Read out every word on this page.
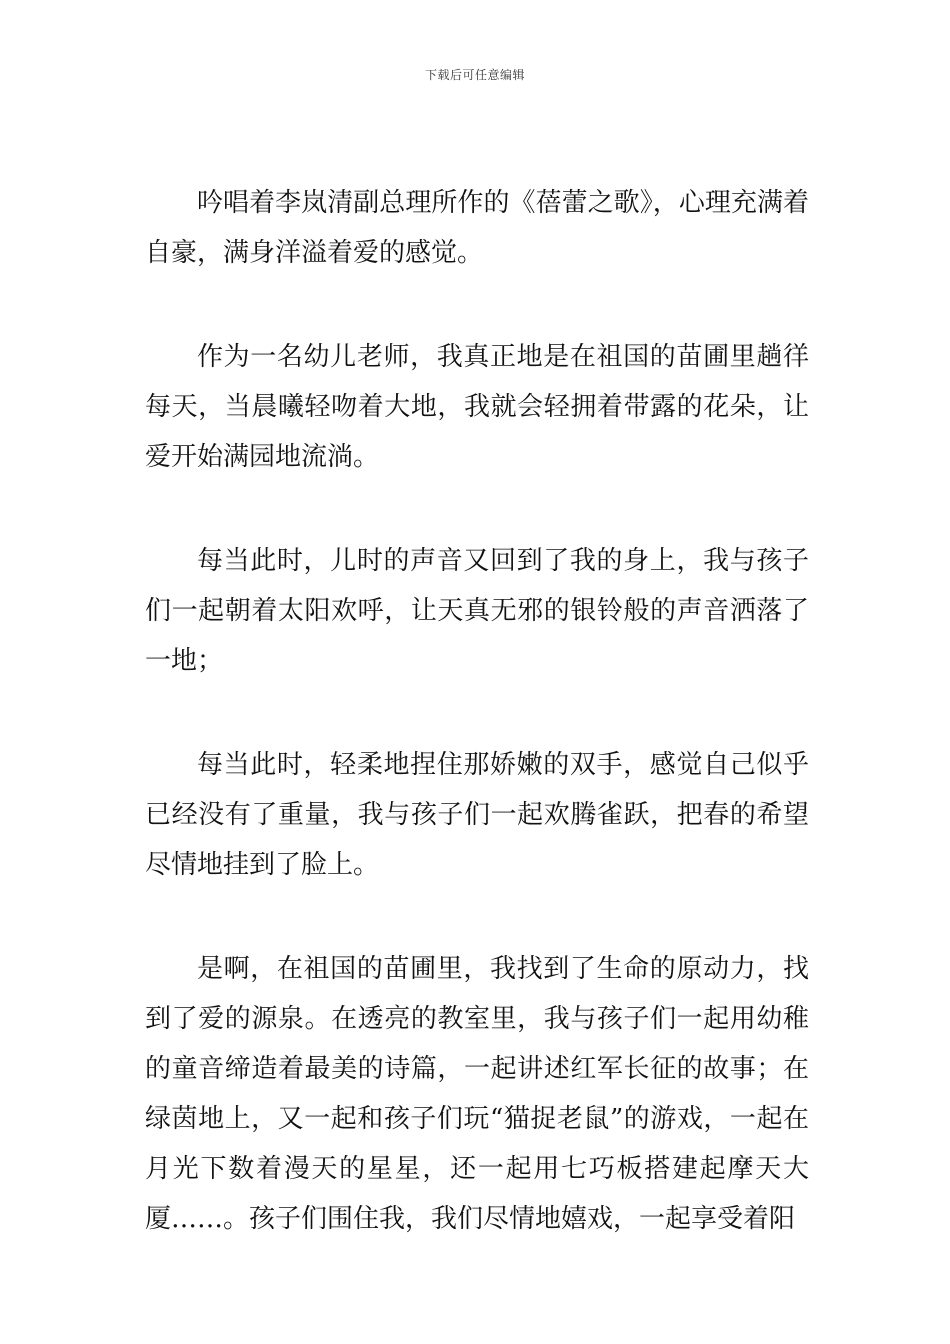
下载后可任意编辑

吟唱着李岚清副总理所作的《蓓蕾之歌》，心理充满着自豪，满身洋溢着爱的感觉。

作为一名幼儿老师，我真正地是在祖国的苗圃里趟徉每天，当晨曦轻吻着大地，我就会轻拥着带露的花朵，让爱开始满园地流淌。

每当此时，儿时的声音又回到了我的身上，我与孩子们一起朝着太阳欢呼，让天真无邪的银铃般的声音洒落了一地；

每当此时，轻柔地捏住那娇嫩的双手，感觉自己似乎已经没有了重量，我与孩子们一起欢腾雀跃，把春的希望尽情地挂到了脸上。

是啊，在祖国的苗圃里，我找到了生命的原动力，找到了爱的源泉。在透亮的教室里，我与孩子们一起用幼稚的童音缔造着最美的诗篇，一起讲述红军长征的故事；在绿茵地上，又一起和孩子们玩“猫捉老鼠”的游戏，一起在月光下数着漫天的星星，还一起用七巧板搭建起摩天大厦……。孩子们围住我，我们尽情地嬉戏，一起享受着阳
